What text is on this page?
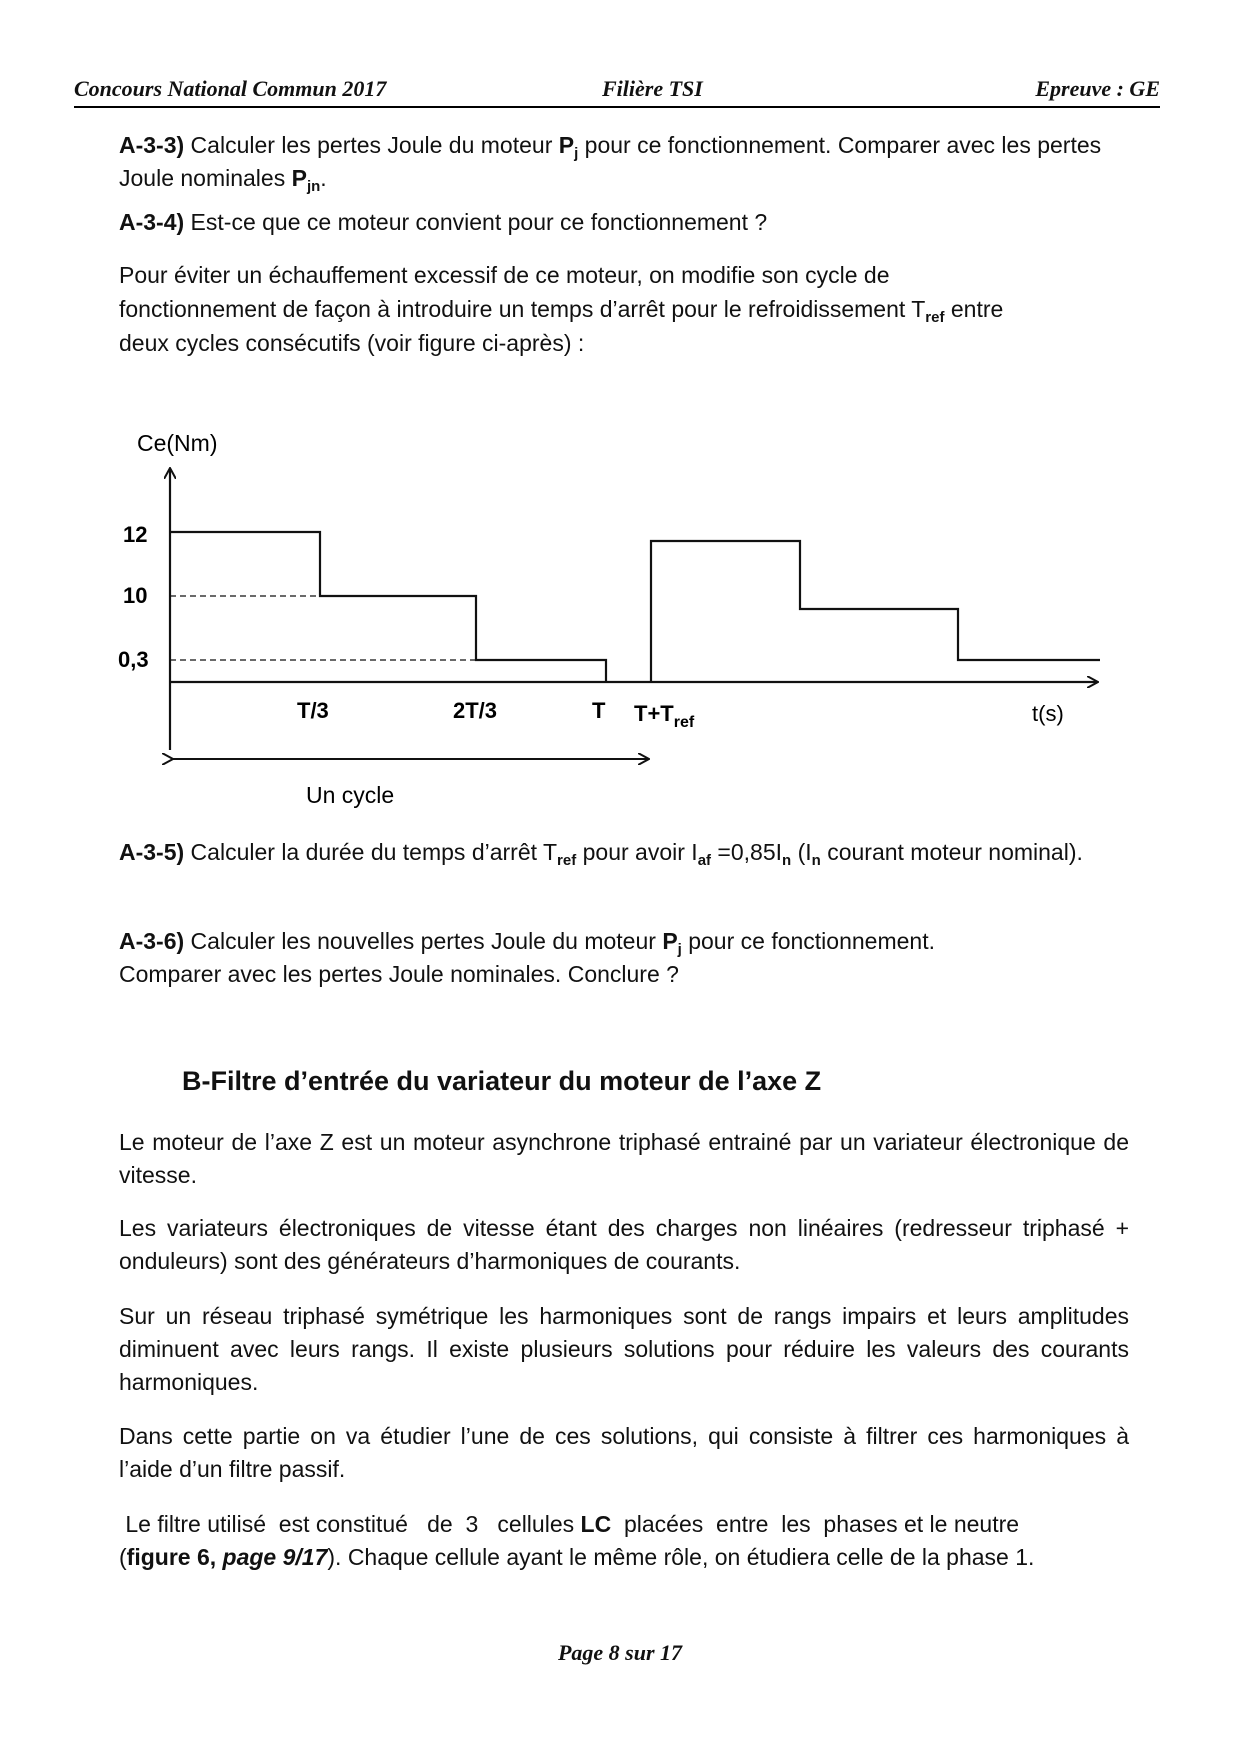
Concours National Commun 2017	Filière TSI	Epreuve : GE
A-3-3) Calculer les pertes Joule du moteur $P_j$ pour ce fonctionnement. Comparer avec les pertes Joule nominales $P_{jn}$.
A-3-4) Est-ce que ce moteur convient pour ce fonctionnement ?
Pour éviter un échauffement excessif de ce moteur, on modifie son cycle de
fonctionnement de façon à introduire un temps d’arrêt pour le refroidissement $T_{ref}$ entre
deux cycles consécutifs (voir figure ci-après) :
Ce(Nm)
12
10
0,3
T/3	2T/3	T $T+T_{ref}$	t(s)
Un cycle
A-3-5) Calculer la durée du temps d’arrêt $T_{ref}$ pour avoir $I_{af} =0,85I_n$ ($I_n$ courant moteur nominal).
A-3-6) Calculer les nouvelles pertes Joule du moteur $P_j$ pour ce fonctionnement.
Comparer avec les pertes Joule nominales. Conclure ?
B-Filtre d’entrée du variateur du moteur de l’axe Z
Le moteur de l’axe Z est un moteur asynchrone triphasé entrainé par un variateur électronique de vitesse.
Les variateurs électroniques de vitesse étant des charges non linéaires (redresseur triphasé + onduleurs) sont des générateurs d’harmoniques de courants.
Sur un réseau triphasé symétrique les harmoniques sont de rangs impairs et leurs amplitudes diminuent avec leurs rangs. Il existe plusieurs solutions pour réduire les valeurs des courants harmoniques.
Dans cette partie on va étudier l’une de ces solutions, qui consiste à filtrer ces harmoniques à l’aide d’un filtre passif.
Le filtre utilisé  est constitué   de  3   cellules LC  placées  entre  les  phases et le neutre
(figure 6, page 9/17). Chaque cellule ayant le même rôle, on étudiera celle de la phase 1.
Page 8 sur 17
